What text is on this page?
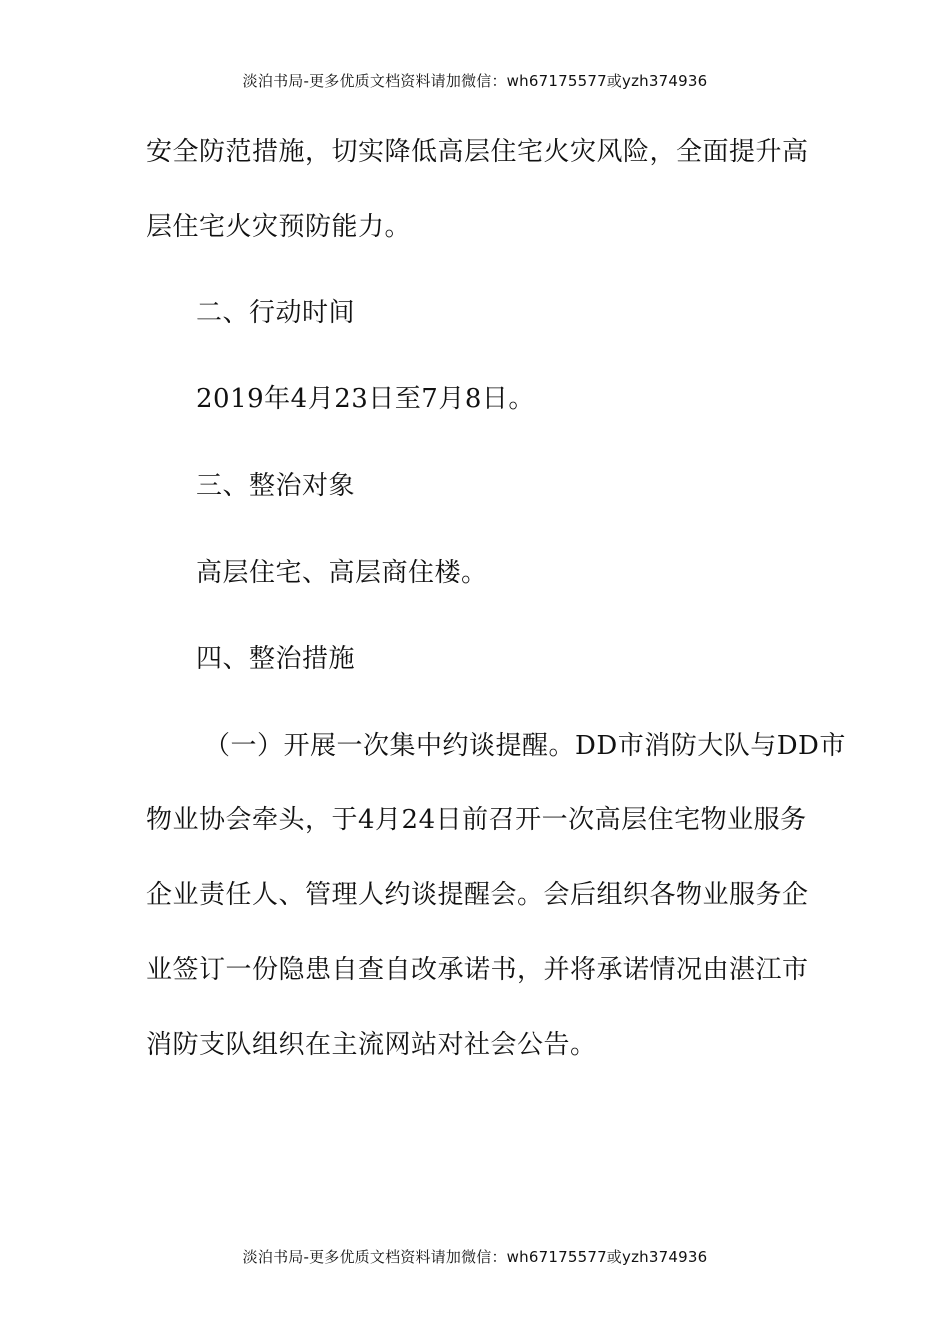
淡泊书局-更多优质文档资料请加微信：wh67175577或yzh374936
安全防范措施，切实降低高层住宅火灾风险，全面提升高
层住宅火灾预防能力。
二、行动时间
2019年4月23日至7月8日。
三、整治对象
高层住宅、高层商住楼。
四、整治措施
（一）开展一次集中约谈提醒。DD市消防大队与DD市
物业协会牵头，于4月24日前召开一次高层住宅物业服务
企业责任人、管理人约谈提醒会。会后组织各物业服务企
业签订一份隐患自查自改承诺书，并将承诺情况由湛江市
消防支队组织在主流网站对社会公告。
淡泊书局-更多优质文档资料请加微信：wh67175577或yzh374936
